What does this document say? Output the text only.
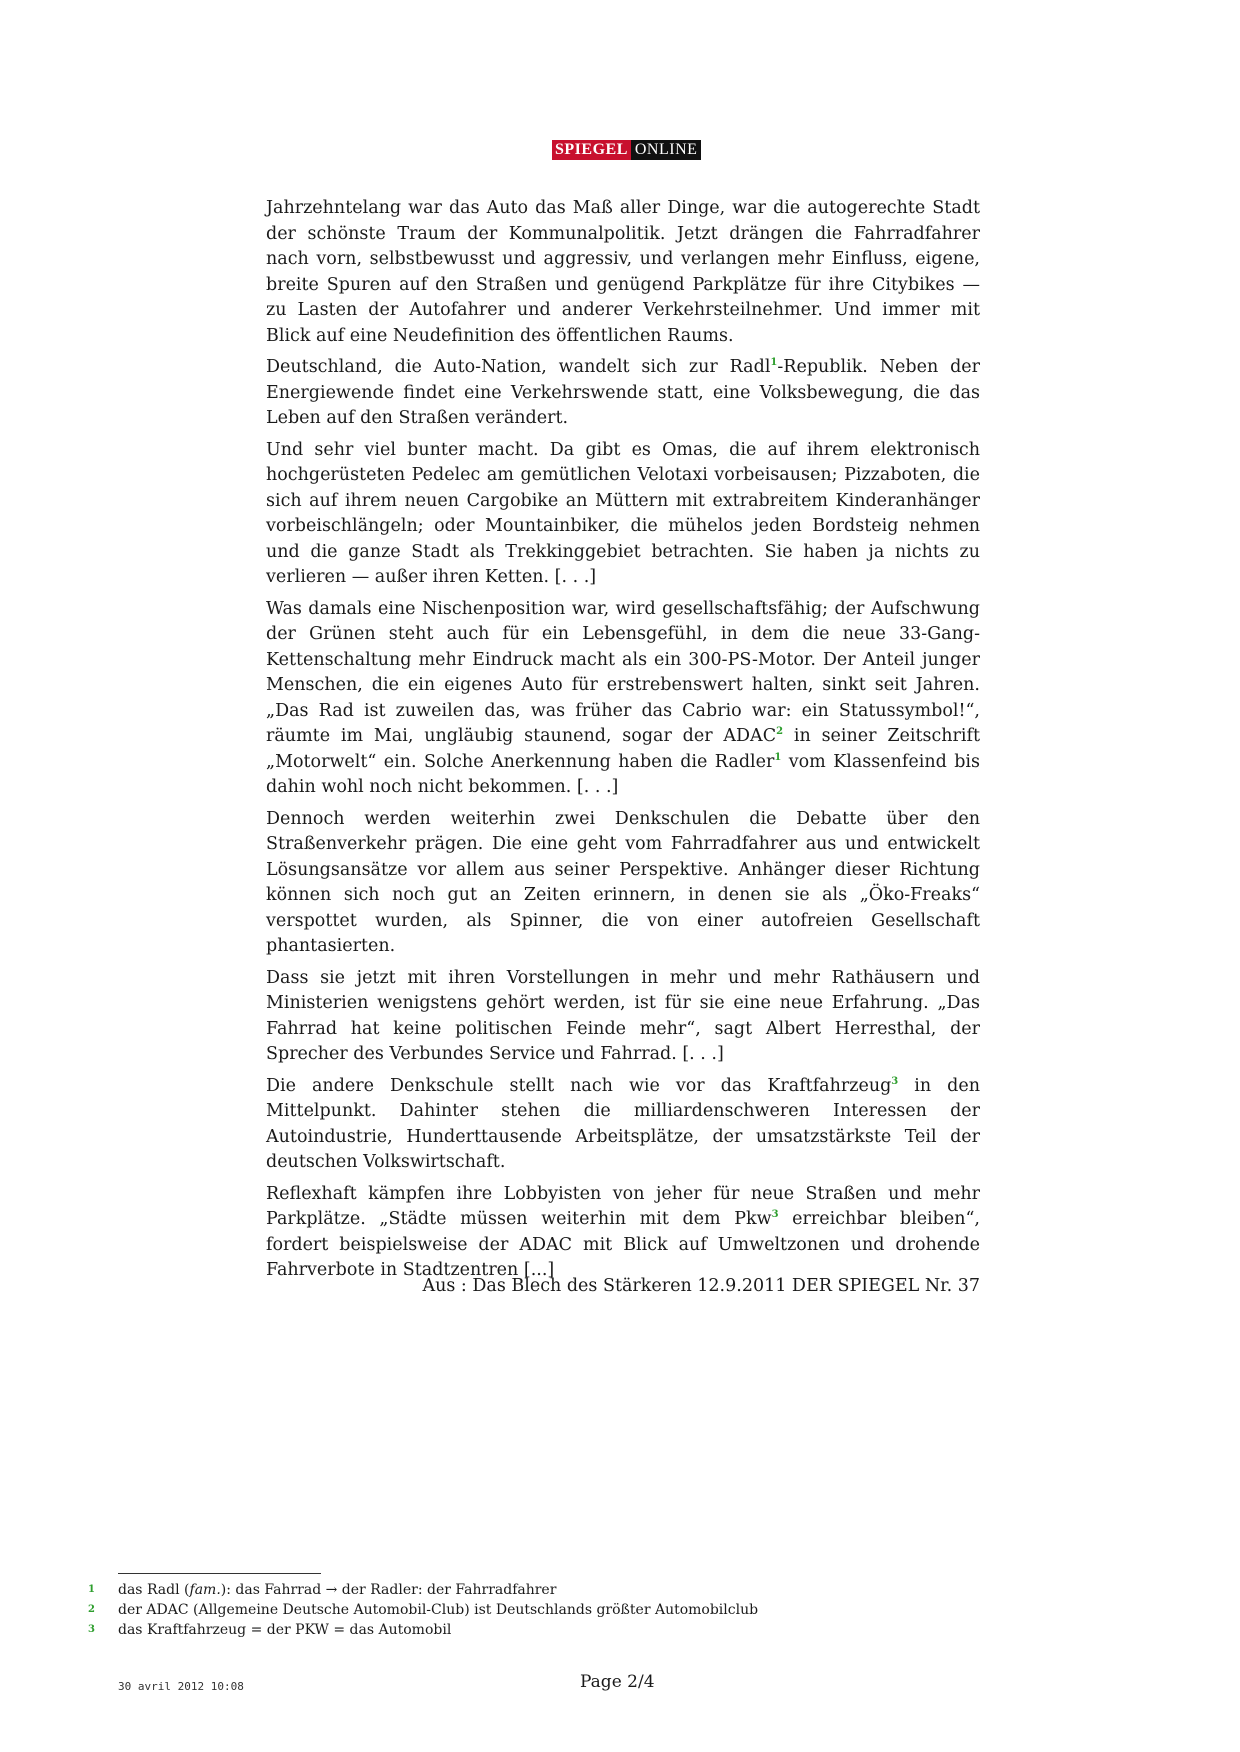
SPIEGEL ONLINE

Jahrzehntelang war das Auto das Maß aller Dinge, war die autogerechte Stadt der schönste Traum der Kommunalpolitik. Jetzt drängen die Fahrradfahrer nach vorn, selbstbewusst und aggressiv, und verlangen mehr Einfluss, eigene, breite Spuren auf den Straßen und genügend Parkplätze für ihre Citybikes — zu Lasten der Autofahrer und anderer Verkehrsteilnehmer. Und immer mit Blick auf eine Neudefinition des öffentlichen Raums.

Deutschland, die Auto-Nation, wandelt sich zur Radl$^1$-Republik. Neben der Energiewende findet eine Verkehrswende statt, eine Volksbewegung, die das Leben auf den Straßen verändert.

Und sehr viel bunter macht. Da gibt es Omas, die auf ihrem elektronisch hochgerüsteten Pedelec am gemütlichen Velotaxi vorbeisausen; Pizzaboten, die sich auf ihrem neuen Cargobike an Müttern mit extrabreitem Kinderanhänger vorbeischlängeln; oder Mountainbiker, die mühelos jeden Bordsteig nehmen und die ganze Stadt als Trekkinggebiet betrachten. Sie haben ja nichts zu verlieren — außer ihren Ketten. [. . .]

Was damals eine Nischenposition war, wird gesellschaftsfähig; der Aufschwung der Grünen steht auch für ein Lebensgefühl, in dem die neue 33-Gang-Kettenschaltung mehr Eindruck macht als ein 300-PS-Motor. Der Anteil junger Menschen, die ein eigenes Auto für erstrebenswert halten, sinkt seit Jahren. „Das Rad ist zuweilen das, was früher das Cabrio war: ein Statussymbol!“, räumte im Mai, ungläubig staunend, sogar der ADAC$^2$ in seiner Zeitschrift „Motorwelt“ ein. Solche Anerkennung haben die Radler$^1$ vom Klassenfeind bis dahin wohl noch nicht bekommen. [. . .]

Dennoch werden weiterhin zwei Denkschulen die Debatte über den Straßenverkehr prägen. Die eine geht vom Fahrradfahrer aus und entwickelt Lösungsansätze vor allem aus seiner Perspektive. Anhänger dieser Richtung können sich noch gut an Zeiten erinnern, in denen sie als „Öko-Freaks“ verspottet wurden, als Spinner, die von einer autofreien Gesellschaft phantasierten.

Dass sie jetzt mit ihren Vorstellungen in mehr und mehr Rathäusern und Ministerien wenigstens gehört werden, ist für sie eine neue Erfahrung. „Das Fahrrad hat keine politischen Feinde mehr“, sagt Albert Herresthal, der Sprecher des Verbundes Service und Fahrrad. [. . .]

Die andere Denkschule stellt nach wie vor das Kraftfahrzeug$^3$ in den Mittelpunkt. Dahinter stehen die milliardenschweren Interessen der Autoindustrie, Hunderttausende Arbeitsplätze, der umsatzstärkste Teil der deutschen Volkswirtschaft.

Reflexhaft kämpfen ihre Lobbyisten von jeher für neue Straßen und mehr Parkplätze. „Städte müssen weiterhin mit dem Pkw$^3$ erreichbar bleiben“, fordert beispielsweise der ADAC mit Blick auf Umweltzonen und drohende Fahrverbote in Stadtzentren [...]

Aus : Das Blech des Stärkeren 12.9.2011 DER SPIEGEL Nr. 37
1	das Radl (fam.): das Fahrrad → der Radler: der Fahrradfahrer
2	der ADAC (Allgemeine Deutsche Automobil-Club) ist Deutschlands größter Automobilclub
3	das Kraftfahrzeug = der PKW = das Automobil
30 avril 2012 10:08	Page 2/4
